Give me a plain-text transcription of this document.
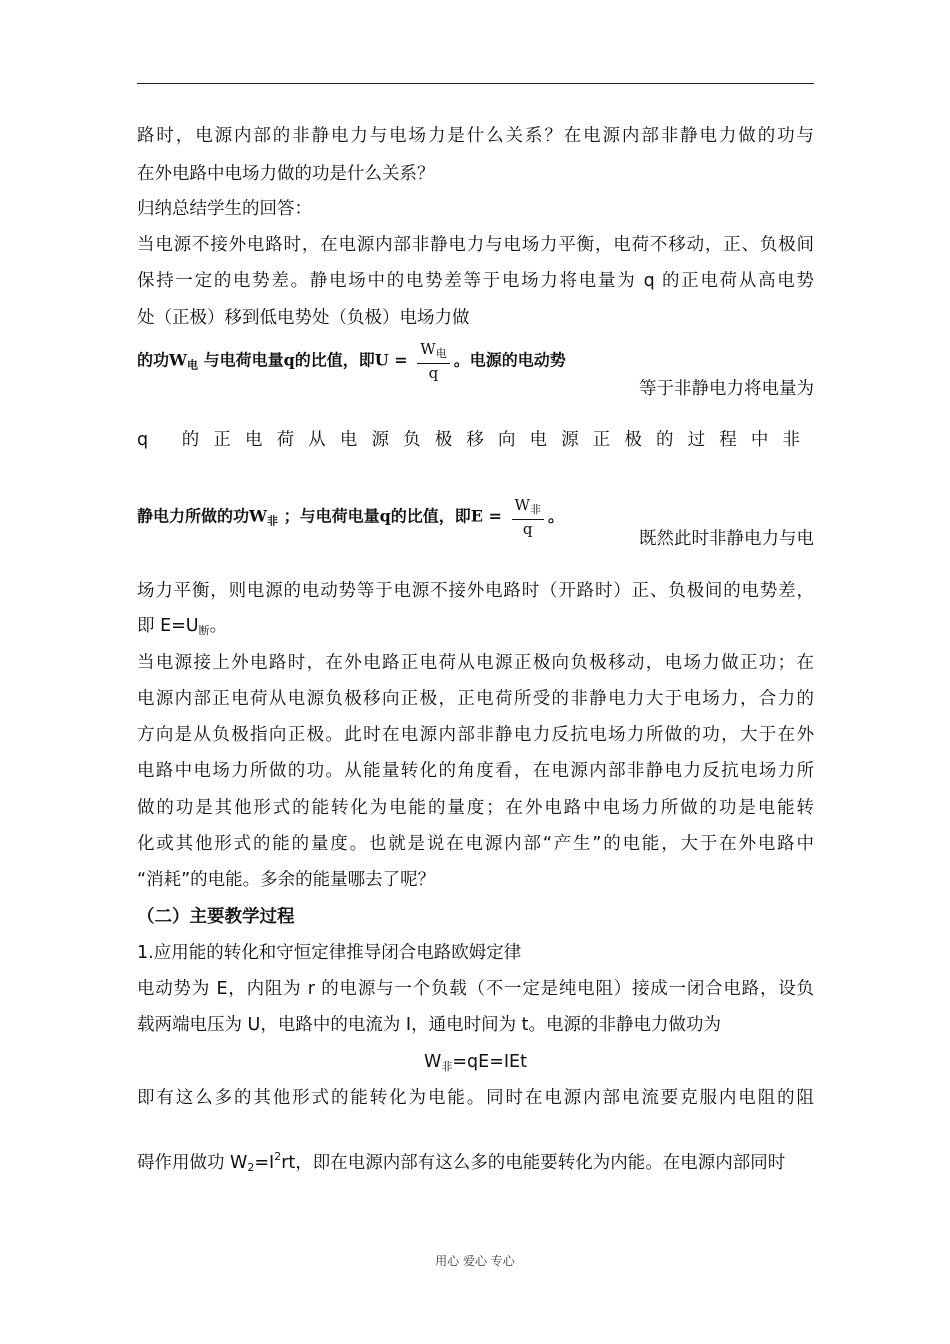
路时，电源内部的非静电力与电场力是什么关系？在电源内部非静电力做的功与
在外电路中电场力做的功是什么关系？
归纳总结学生的回答：
当电源不接外电路时，在电源内部非静电力与电场力平衡，电荷不移动，正、负极间
保持一定的电势差。静电场中的电势差等于电场力将电量为 q 的正电荷从高电势
处（正极）移到低电势处（负极）电场力做
的功$W_电$ 与电荷电量q的比值，即$U = \frac{W_电}{q}$ 。电源的电动势
等于非静电力将电量为
q 的正电荷从电源负极移向电源正极的过程中非
静电力所做的功$W_非$ ；与电荷电量q的比值，即$E = \frac{W_非}{q}$ 。
既然此时非静电力与电
场力平衡，则电源的电动势等于电源不接外电路时（开路时）正、负极间的电势差，
即 $E=U_断$。
当电源接上外电路时，在外电路正电荷从电源正极向负极移动，电场力做正功；在
电源内部正电荷从电源负极移向正极，正电荷所受的非静电力大于电场力，合力的
方向是从负极指向正极。此时在电源内部非静电力反抗电场力所做的功，大于在外
电路中电场力所做的功。从能量转化的角度看，在电源内部非静电力反抗电场力所
做的功是其他形式的能转化为电能的量度；在外电路中电场力所做的功是电能转
化或其他形式的能的量度。也就是说在电源内部“产生”的电能，大于在外电路中
“消耗”的电能。多余的能量哪去了呢？
（二）主要教学过程
1.应用能的转化和守恒定律推导闭合电路欧姆定律
电动势为 E，内阻为 r 的电源与一个负载（不一定是纯电阻）接成一闭合电路，设负
载两端电压为 U，电路中的电流为 I，通电时间为 t。电源的非静电力做功为
$W_非=qE=IEt$
即有这么多的其他形式的能转化为电能。同时在电源内部电流要克服内电阻的阻
碍作用做功 $W_2=I^2rt$，即在电源内部有这么多的电能要转化为内能。在电源内部同时
用心 爱心 专心
